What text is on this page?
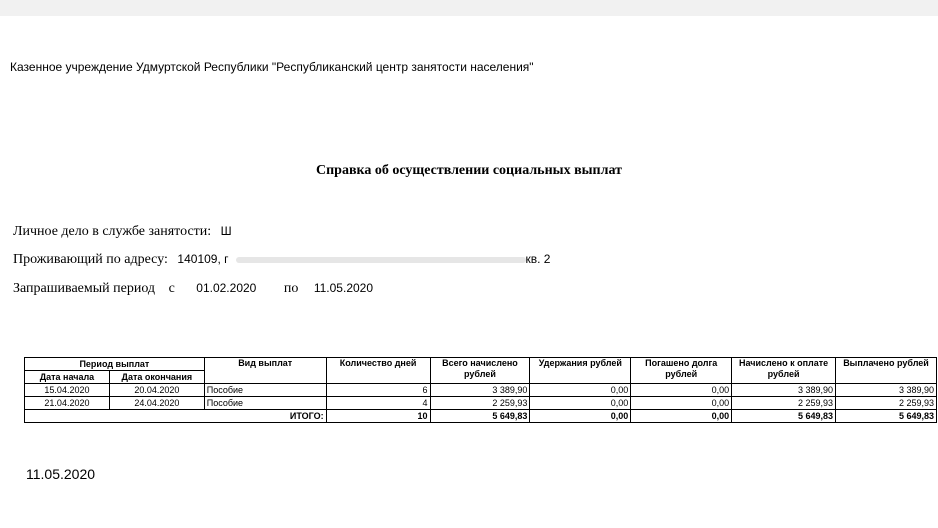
Казенное учреждение Удмуртской Республики "Республиканский центр занятости населения"
Справка об осуществлении социальных выплат
Личное дело в службе занятости: Ш
Проживающий по адресу: 140109, г	кв. 2
Запрашиваемый период с 01.02.2020 по 11.05.2020
Период выплат		Вид выплат	Количество дней	Всего начислено рублей	Удержания рублей	Погашено долга рублей	Начислено к оплате рублей	Выплачено рублей
Дата начала	Дата окончания							
15.04.2020	20.04.2020	Пособие	6	3 389,90	0,00	0,00	3 389,90	3 389,90
21.04.2020	24.04.2020	Пособие	4	2 259,93	0,00	0,00	2 259,93	2 259,93
ИТОГО:			10	5 649,83	0,00	0,00	5 649,83	5 649,83
11.05.2020
